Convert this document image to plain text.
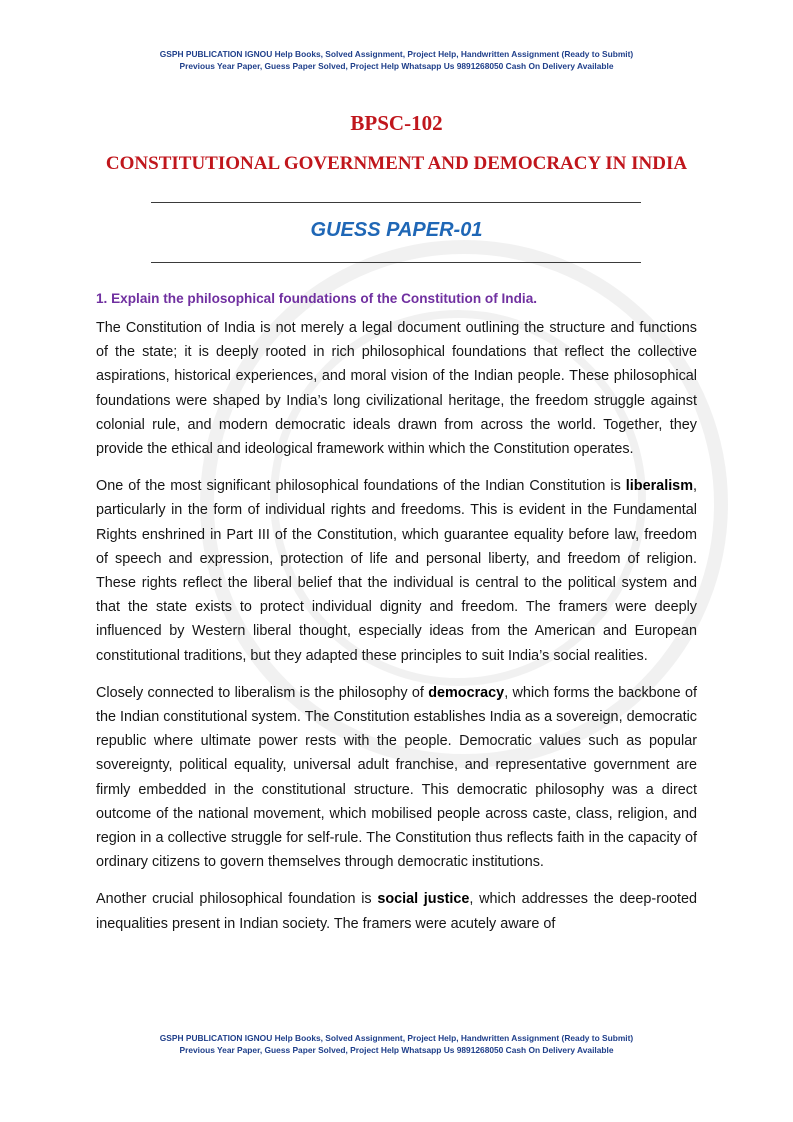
GSPH PUBLICATION IGNOU Help Books, Solved Assignment, Project Help, Handwritten Assignment (Ready to Submit)
Previous Year Paper, Guess Paper Solved, Project Help Whatsapp Us 9891268050 Cash On Delivery Available
BPSC-102
CONSTITUTIONAL GOVERNMENT AND DEMOCRACY IN INDIA
GUESS PAPER-01

1. Explain the philosophical foundations of the Constitution of India.

The Constitution of India is not merely a legal document outlining the structure and functions of the state; it is deeply rooted in rich philosophical foundations that reflect the collective aspirations, historical experiences, and moral vision of the Indian people. These philosophical foundations were shaped by India’s long civilizational heritage, the freedom struggle against colonial rule, and modern democratic ideals drawn from across the world. Together, they provide the ethical and ideological framework within which the Constitution operates.

One of the most significant philosophical foundations of the Indian Constitution is liberalism, particularly in the form of individual rights and freedoms. This is evident in the Fundamental Rights enshrined in Part III of the Constitution, which guarantee equality before law, freedom of speech and expression, protection of life and personal liberty, and freedom of religion. These rights reflect the liberal belief that the individual is central to the political system and that the state exists to protect individual dignity and freedom. The framers were deeply influenced by Western liberal thought, especially ideas from the American and European constitutional traditions, but they adapted these principles to suit India’s social realities.

Closely connected to liberalism is the philosophy of democracy, which forms the backbone of the Indian constitutional system. The Constitution establishes India as a sovereign, democratic republic where ultimate power rests with the people. Democratic values such as popular sovereignty, political equality, universal adult franchise, and representative government are firmly embedded in the constitutional structure. This democratic philosophy was a direct outcome of the national movement, which mobilised people across caste, class, religion, and region in a collective struggle for self-rule. The Constitution thus reflects faith in the capacity of ordinary citizens to govern themselves through democratic institutions.

Another crucial philosophical foundation is social justice, which addresses the deep-rooted inequalities present in Indian society. The framers were acutely aware of

GSPH PUBLICATION IGNOU Help Books, Solved Assignment, Project Help, Handwritten Assignment (Ready to Submit)
Previous Year Paper, Guess Paper Solved, Project Help Whatsapp Us 9891268050 Cash On Delivery Available
